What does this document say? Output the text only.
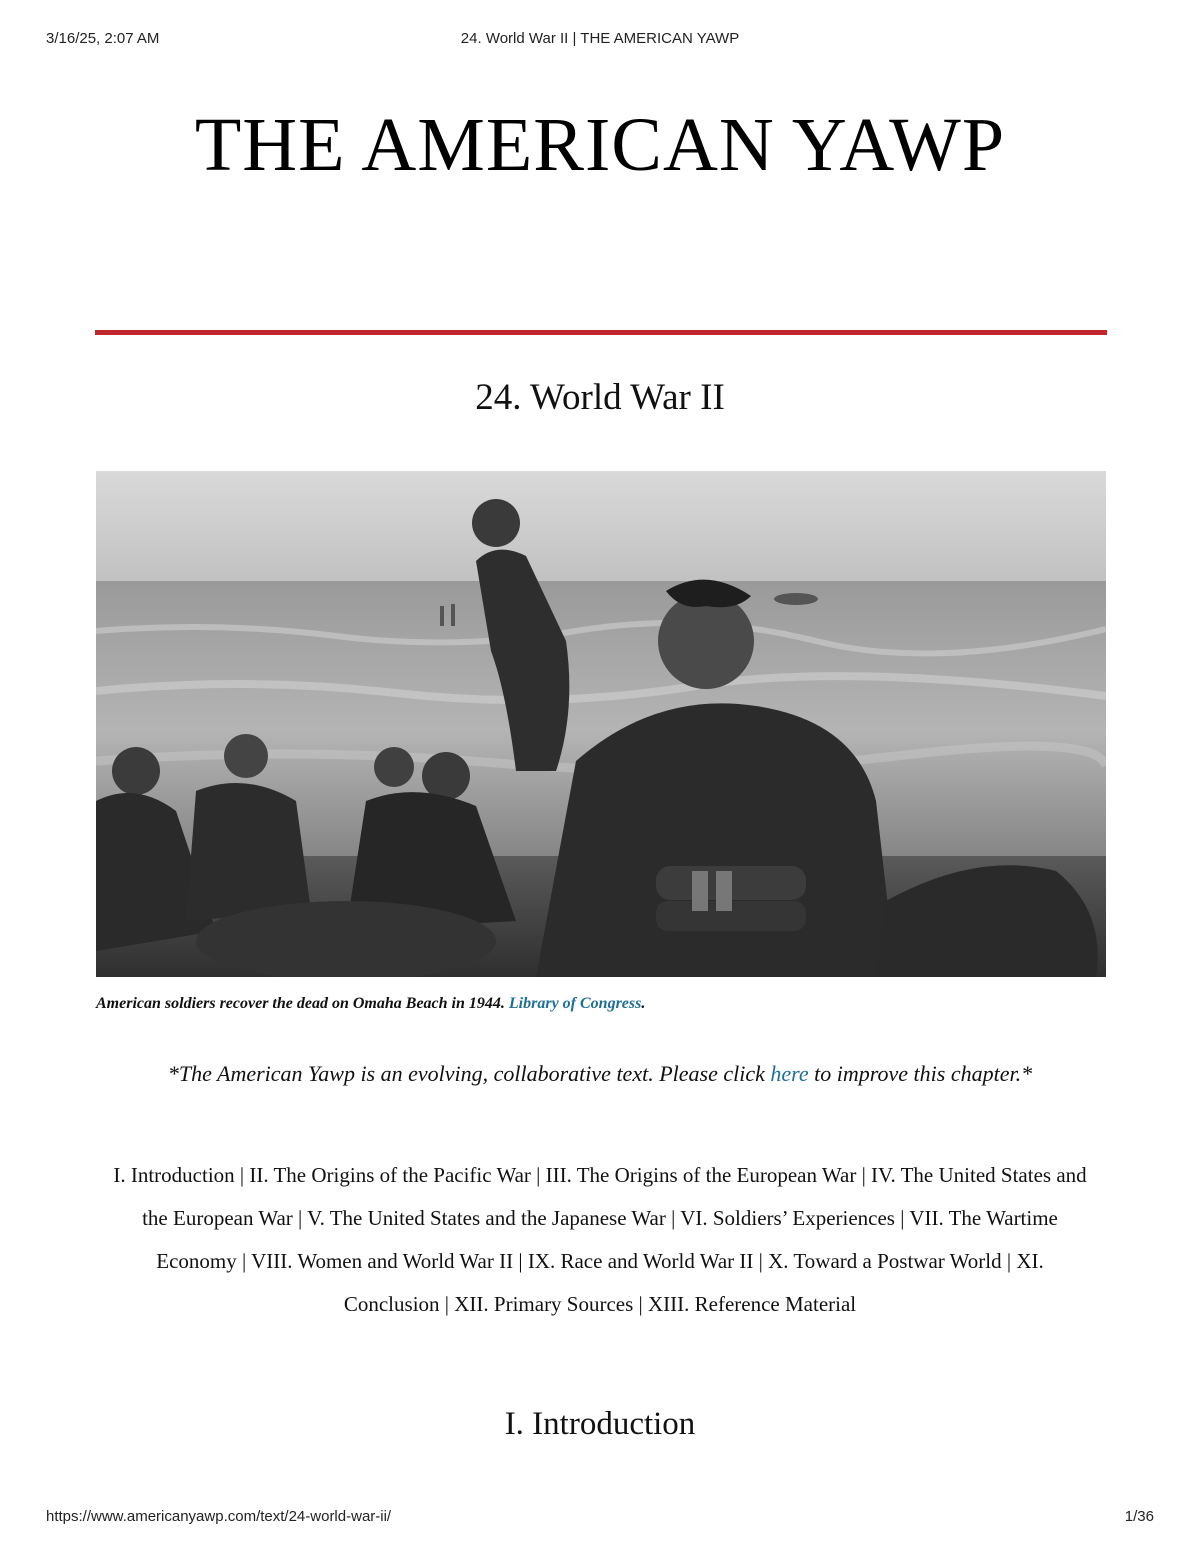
3/16/25, 2:07 AM	24. World War II | THE AMERICAN YAWP
THE AMERICAN YAWP
24. World War II
American soldiers recover the dead on Omaha Beach in 1944. Library of Congress.
*The American Yawp is an evolving, collaborative text. Please click here to improve this chapter.*
I. Introduction | II. The Origins of the Pacific War | III. The Origins of the European War | IV. The United States and the European War | V. The United States and the Japanese War | VI. Soldiers’ Experiences | VII. The Wartime Economy | VIII. Women and World War II | IX. Race and World War II | X. Toward a Postwar World | XI. Conclusion | XII. Primary Sources | XIII. Reference Material
I. Introduction
https://www.americanyawp.com/text/24-world-war-ii/	1/36
